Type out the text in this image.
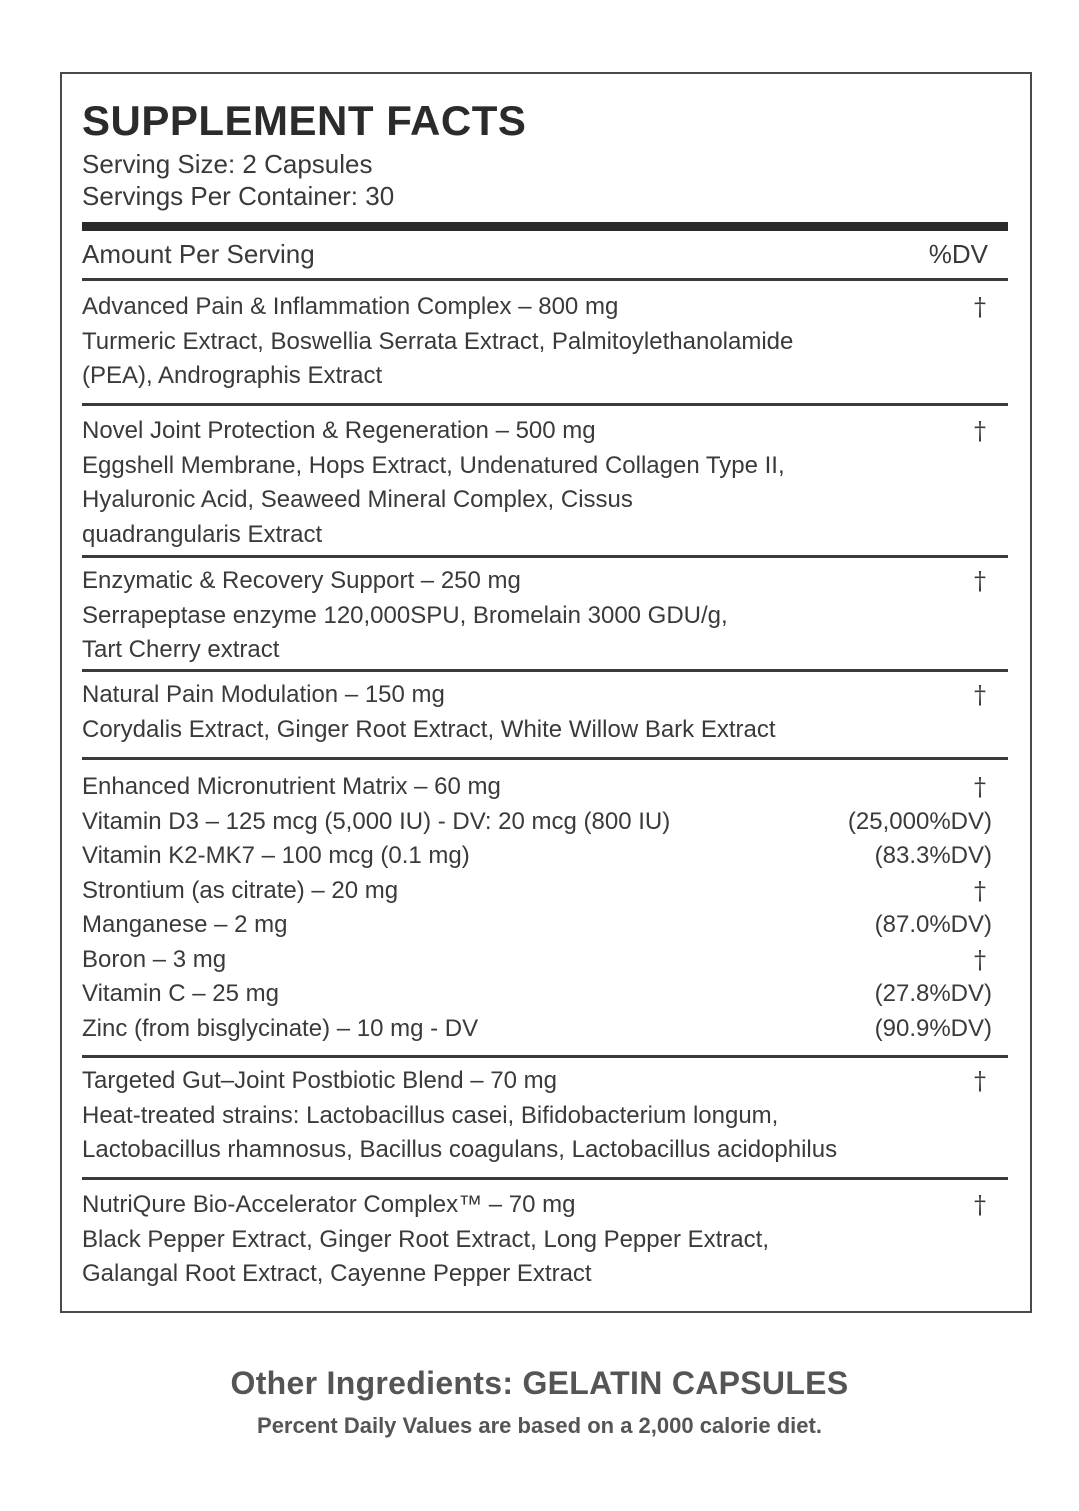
SUPPLEMENT FACTS
Serving Size: 2 Capsules
Servings Per Container: 30
Amount Per Serving	%DV
Advanced Pain & Inflammation Complex – 800 mg	†
Turmeric Extract, Boswellia Serrata Extract, Palmitoylethanolamide
(PEA), Andrographis Extract
Novel Joint Protection & Regeneration – 500 mg	†
Eggshell Membrane, Hops Extract, Undenatured Collagen Type II,
Hyaluronic Acid, Seaweed Mineral Complex, Cissus
quadrangularis Extract
Enzymatic & Recovery Support – 250 mg	†
Serrapeptase enzyme 120,000SPU, Bromelain 3000 GDU/g,
Tart Cherry extract
Natural Pain Modulation – 150 mg	†
Corydalis Extract, Ginger Root Extract, White Willow Bark Extract
Enhanced Micronutrient Matrix – 60 mg	†
Vitamin D3 – 125 mcg (5,000 IU) - DV: 20 mcg (800 IU)	(25,000%DV)
Vitamin K2-MK7 – 100 mcg (0.1 mg)	(83.3%DV)
Strontium (as citrate) – 20 mg	†
Manganese – 2 mg	(87.0%DV)
Boron – 3 mg	†
Vitamin C – 25 mg	(27.8%DV)
Zinc (from bisglycinate) – 10 mg - DV	(90.9%DV)
Targeted Gut–Joint Postbiotic Blend – 70 mg	†
Heat-treated strains: Lactobacillus casei, Bifidobacterium longum,
Lactobacillus rhamnosus, Bacillus coagulans, Lactobacillus acidophilus
NutriQure Bio-Accelerator Complex™ – 70 mg	†
Black Pepper Extract, Ginger Root Extract, Long Pepper Extract,
Galangal Root Extract, Cayenne Pepper Extract
Other Ingredients: GELATIN CAPSULES
Percent Daily Values are based on a 2,000 calorie diet.
